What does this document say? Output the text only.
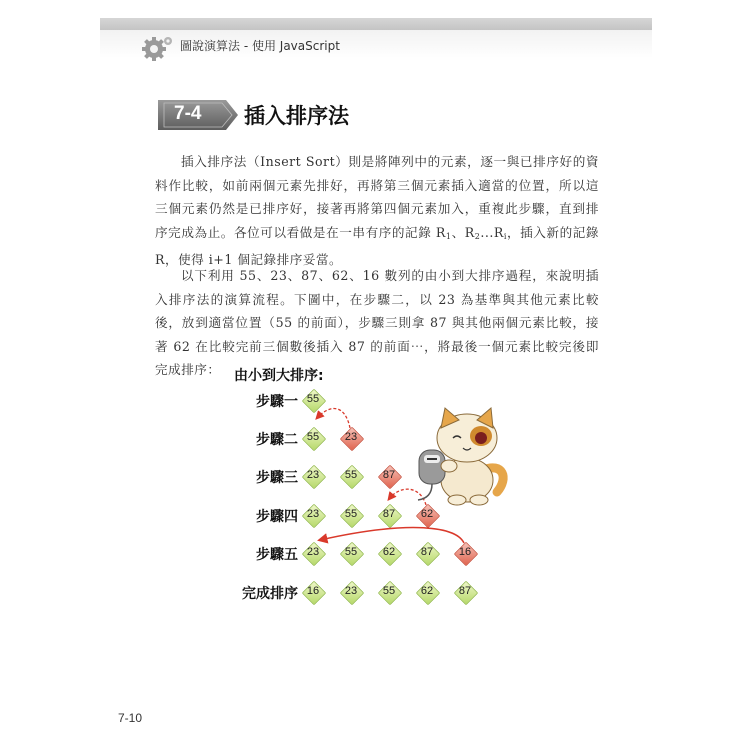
圖說演算法 - 使用 JavaScript
7-4 插入排序法
插入排序法（Insert Sort）則是將陣列中的元素，逐一與已排序好的資料作比較，如前兩個元素先排好，再將第三個元素插入適當的位置，所以這三個元素仍然是已排序好，接著再將第四個元素加入，重複此步驟，直到排序完成為止。各位可以看做是在一串有序的記錄 $R_1$、$R_2...R_i$，插入新的記錄 R，使得 i+1 個記錄排序妥當。
以下利用 55、23、87、62、16 數列的由小到大排序過程，來說明插入排序法的演算流程。下圖中，在步驟二，以 23 為基準與其他元素比較後，放到適當位置（55 的前面），步驟三則拿 87 與其他兩個元素比較，接著 62 在比較完前三個數後插入 87 的前面⋯，將最後一個元素比較完後即完成排序： 由小到大排序:
步驟一 55
步驟二 55	23
步驟三 23	55	87
步驟四 23	55	87	62
步驟五 23	55	62	87	16
完成排序 16	23	55	62	87
7-10
